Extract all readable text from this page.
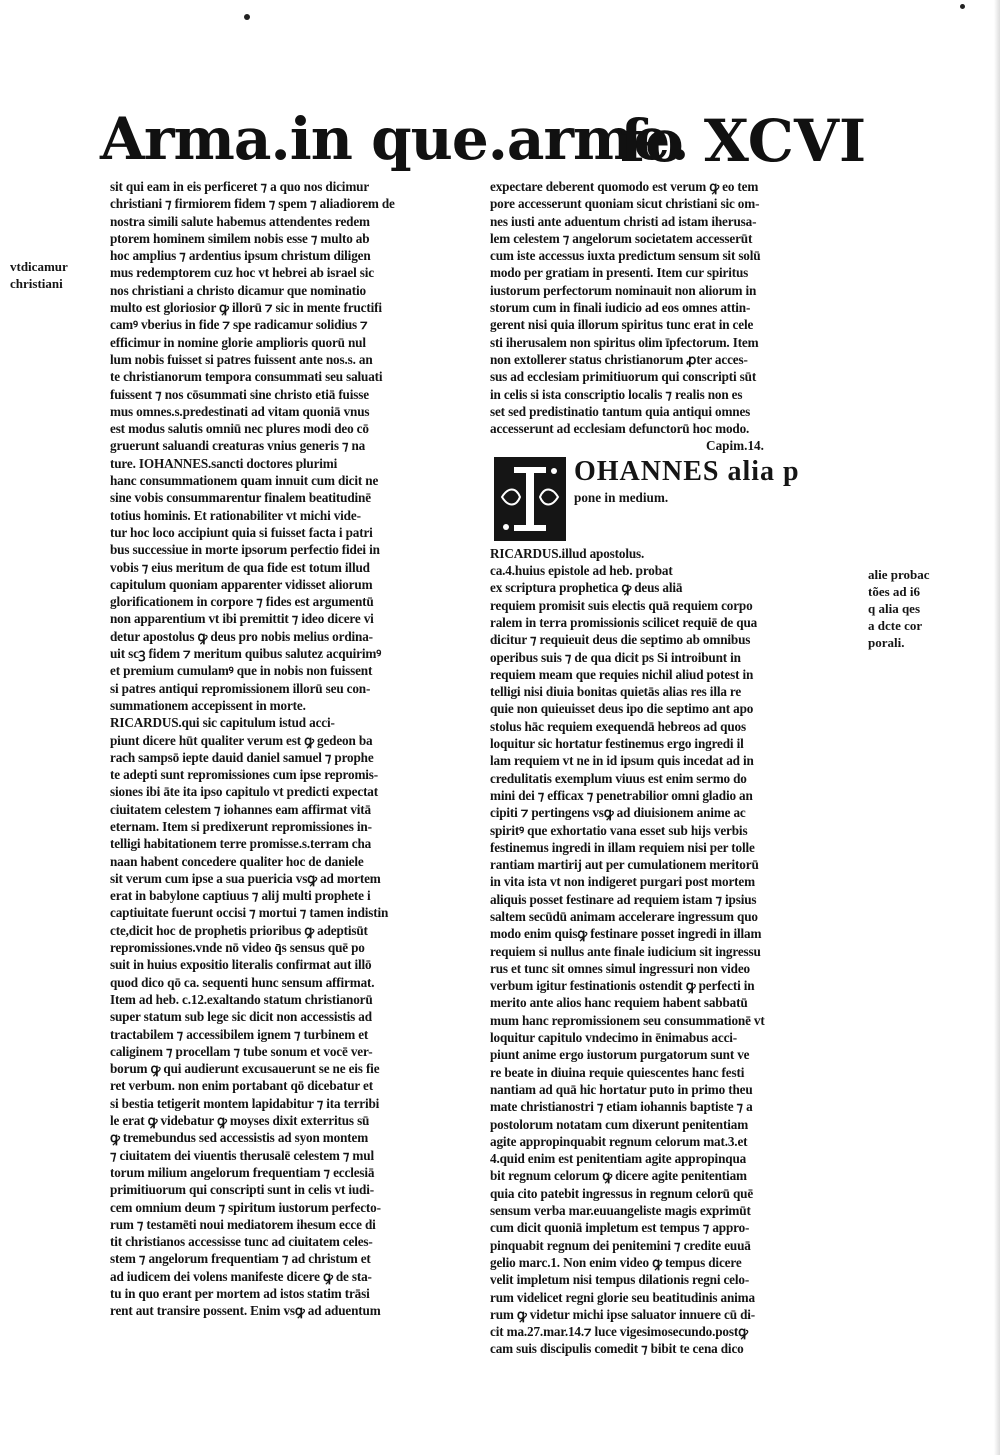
Arma.in que.arme.
fo XCVI
vtdicamur
christiani
alie probac
tões ad i6
q alia qes
a dcte cor
porali.
sit qui eam in eis perficeret ⁊ a quo nos dicimur
christiani ⁊ firmiorem fidem ⁊ spem ⁊ aliadiorem de
nostra simili salute habemus attendentes redem
ptorem hominem similem nobis esse ⁊ multo ab
hoc amplius ⁊ ardentius ipsum christum diligen
mus redemptorem cuz hoc vt hebrei ab israel sic
nos christiani a christo dicamur que nominatio
multo est gloriosior ꝙ illorū ⁊ sic in mente fructifi
camꝰ vberius in fide ⁊ spe radicamur solidius ⁊
efficimur in nomine glorie amplioris quorū nul
lum nobis fuisset si patres fuissent ante nos.s. an
te christianorum tempora consummati seu saluati
fuissent ⁊ nos cōsummati sine christo etiā fuisse
mus omnes.s.predestinati ad vitam quoniā vnus
est modus salutis omniū nec plures modi deo cō
gruerunt saluandi creaturas vnius generis ⁊ na
ture. IOHANNES.sancti doctores plurimi
hanc consummationem quam innuit cum dicit ne
sine vobis consummarentur finalem beatitudinē
totius hominis. Et rationabiliter vt michi vide-
tur hoc loco accipiunt quia si fuisset facta i patri
bus successiue in morte ipsorum perfectio fidei in
vobis ⁊ eius meritum de qua fide est totum illud
capitulum quoniam apparenter vidisset aliorum
glorificationem in corpore ⁊ fides est argumentū
non apparentium vt ibi premittit ⁊ ideo dicere vi
detur apostolus ꝙ deus pro nobis melius ordina-
uit scꝫ fidem ⁊ meritum quibus salutez acquirimꝰ
et premium cumulamꝰ que in nobis non fuissent
si patres antiqui repromissionem illorū seu con-
summationem accepissent in morte.
RICARDUS.qui sic capitulum istud acci-
piunt dicere hūt qualiter verum est ꝙ gedeon ba
rach sampsō iepte dauid daniel samuel ⁊ prophe
te adepti sunt repromissiones cum ipse repromis-
siones ibi āte ita ipso capitulo vt predicti expectat
ciuitatem celestem ⁊ iohannes eam affirmat vitā
eternam. Item si predixerunt repromissiones in-
telligi habitationem terre promisse.s.terram cha
naan habent concedere qualiter hoc de daniele
sit verum cum ipse a sua puericia vsꝙ ad mortem
erat in babylone captiuus ⁊ alij multi prophete i
captiuitate fuerunt occisi ⁊ mortui ⁊ tamen indistin
cte,dicit hoc de prophetis prioribus ꝙ adeptisūt
repromissiones.vnde nō video q̄s sensus quē po
suit in huius expositio literalis confirmat aut illō
quod dico qō ca. sequenti hunc sensum affirmat.
Item ad heb. c.12.exaltando statum christianorū
super statum sub lege sic dicit non accessistis ad
tractabilem ⁊ accessibilem ignem ⁊ turbinem et
caliginem ⁊ procellam ⁊ tube sonum et vocē ver-
borum ꝙ qui audierunt excusauerunt se ne eis fie
ret verbum. non enim portabant qō dicebatur et
si bestia tetigerit montem lapidabitur ⁊ ita terribi
le erat ꝙ videbatur ꝙ moyses dixit exterritus sū
ꝙ tremebundus sed accessistis ad syon montem
⁊ ciuitatem dei viuentis therusalē celestem ⁊ mul
torum milium angelorum frequentiam ⁊ ecclesiā
primitiuorum qui conscripti sunt in celis vt iudi-
cem omnium deum ⁊ spiritum iustorum perfecto-
rum ⁊ testamēti noui mediatorem ihesum ecce di
tit christianos accessisse tunc ad ciuitatem celes-
stem ⁊ angelorum frequentiam ⁊ ad christum et
ad iudicem dei volens manifeste dicere ꝙ de sta-
tu in quo erant per mortem ad istos statim trāsi
rent aut transire possent. Enim vsꝙ ad aduentum
expectare deberent quomodo est verum ꝙ eo tem
pore accesserunt quoniam sicut christiani sic om-
nes iusti ante aduentum christi ad istam iherusa-
lem celestem ⁊ angelorum societatem accesserūt
cum iste accessus iuxta predictum sensum sit solū
modo per gratiam in presenti. Item cur spiritus
iustorum perfectorum nominauit non aliorum in
storum cum in finali iudicio ad eos omnes attin-
gerent nisi quia illorum spiritus tunc erat in cele
sti iherusalem non spiritus olim īpfectorum. Item
non extollerer status christianorum ꝓter acces-
sus ad ecclesiam primitiuorum qui conscripti sūt
in celis si ista conscriptio localis ⁊ realis non es
set sed predistinatio tantum quia antiqui omnes
accesserunt ad ecclesiam defunctorū hoc modo.
Capim.14.
OHANNES alia p
pone in medium.
RICARDUS.illud apostolus.
ca.4.huius epistole ad heb. probat
ex scriptura prophetica ꝙ deus aliā
requiem promisit suis electis quā requiem corpo
ralem in terra promissionis scilicet requiē de qua
dicitur ⁊ requieuit deus die septimo ab omnibus
operibus suis ⁊ de qua dicit ps Si introibunt in
requiem meam que requies nichil aliud potest in
telligi nisi diuia bonitas quietās alias res illa re
quie non quieuisset deus ipo die septimo ant apo
stolus hāc requiem exequendā hebreos ad quos
loquitur sic hortatur festinemus ergo ingredi il
lam requiem vt ne in id ipsum quis incedat ad in
credulitatis exemplum viuus est enim sermo do
mini dei ⁊ efficax ⁊ penetrabilior omni gladio an
cipiti ⁊ pertingens vsꝙ ad diuisionem anime ac
spiritꝰ que exhortatio vana esset sub hijs verbis
festinemus ingredi in illam requiem nisi per tolle
rantiam martirij aut per cumulationem meritorū
in vita ista vt non indigeret purgari post mortem
aliquis posset festinare ad requiem istam ⁊ ipsius
saltem secūdū animam accelerare ingressum quo
modo enim quisꝙ festinare posset ingredi in illam
requiem si nullus ante finale iudicium sit ingressu
rus et tunc sit omnes simul ingressuri non video
verbum igitur festinationis ostendit ꝙ perfecti in
merito ante alios hanc requiem habent sabbatū
mum hanc repromissionem seu consummationē vt
loquitur capitulo vndecimo in ēnimabus acci-
piunt anime ergo iustorum purgatorum sunt ve
re beate in diuina requie quiescentes hanc festi
nantiam ad quā hic hortatur puto in primo theu
mate christianostri ⁊ etiam iohannis baptiste ⁊ a
postolorum notatam cum dixerunt penitentiam
agite appropinquabit regnum celorum mat.3.et
4.quid enim est penitentiam agite appropinqua
bit regnum celorum ꝙ dicere agite penitentiam
quia cito patebit ingressus in regnum celorū quē
sensum verba mar.euuangeliste magis exprimūt
cum dicit quoniā impletum est tempus ⁊ appro-
pinquabit regnum dei penitemini ⁊ credite euuā
gelio marc.1. Non enim video ꝙ tempus dicere
velit impletum nisi tempus dilationis regni celo-
rum videlicet regni glorie seu beatitudinis anima
rum ꝙ videtur michi ipse saluator innuere cū di-
cit ma.27.mar.14.⁊ luce vigesimosecundo.postꝙ
cam suis discipulis comedit ⁊ bibit te cena dico
